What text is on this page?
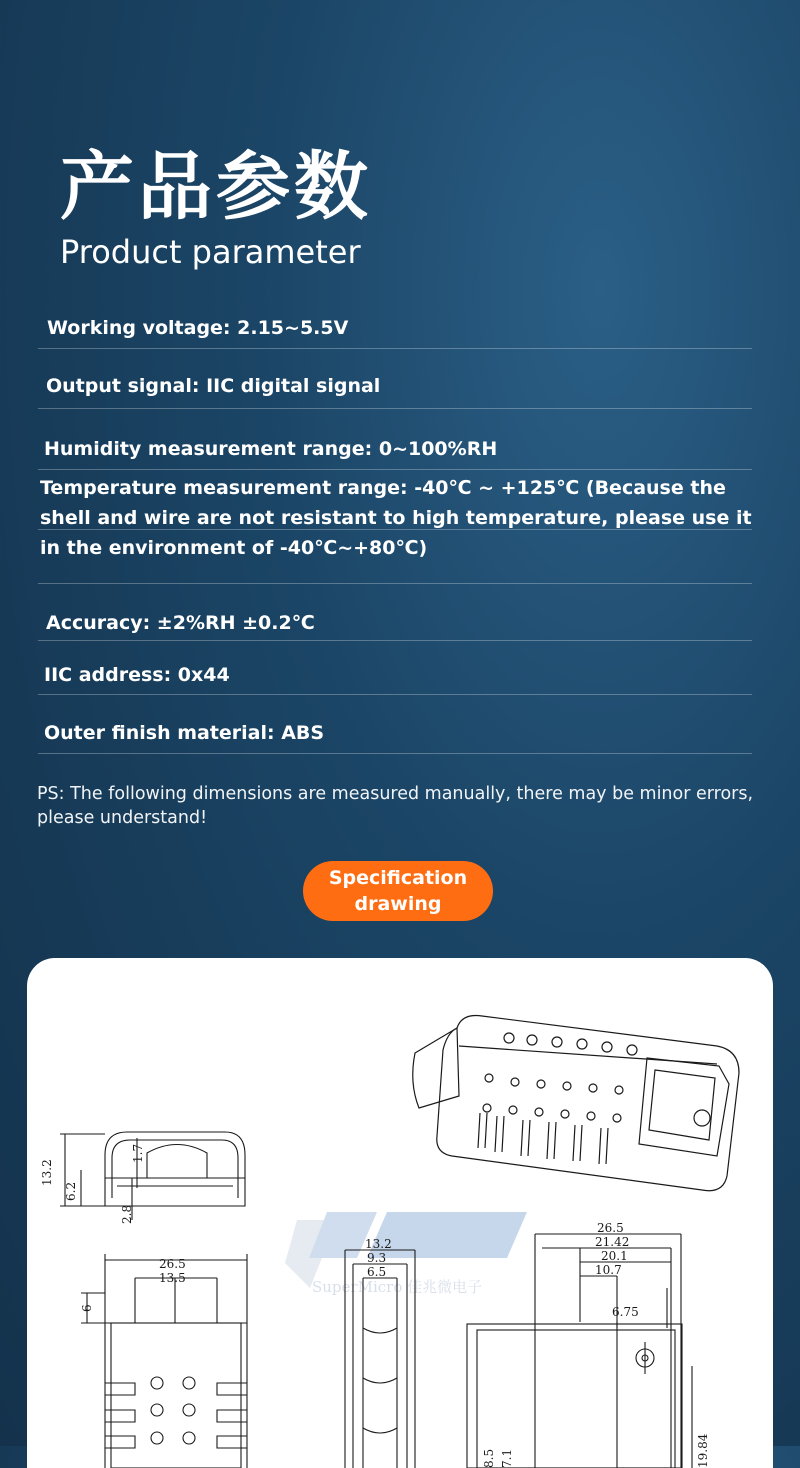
产品参数
Product parameter
Working voltage: 2.15~5.5V
Output signal: IIC digital signal
Humidity measurement range: 0~100%RH
Temperature measurement range: -40℃ ~ +125℃ (Because the shell and wire are not resistant to high temperature, please use it in the environment of -40℃~+80℃)
Accuracy: ±2%RH ±0.2℃
IIC address: 0x44
Outer finish material: ABS
PS: The following dimensions are measured manually, there may be minor errors, please understand!
Specification drawing
SuperMicro 佳兆微电子
13.2
6.2
1.7
2.8
26.5
13.5
6
13.2
9.3
6.5
26.5
21.42
20.1
10.7
6.75
19.84
8.5 7.1
